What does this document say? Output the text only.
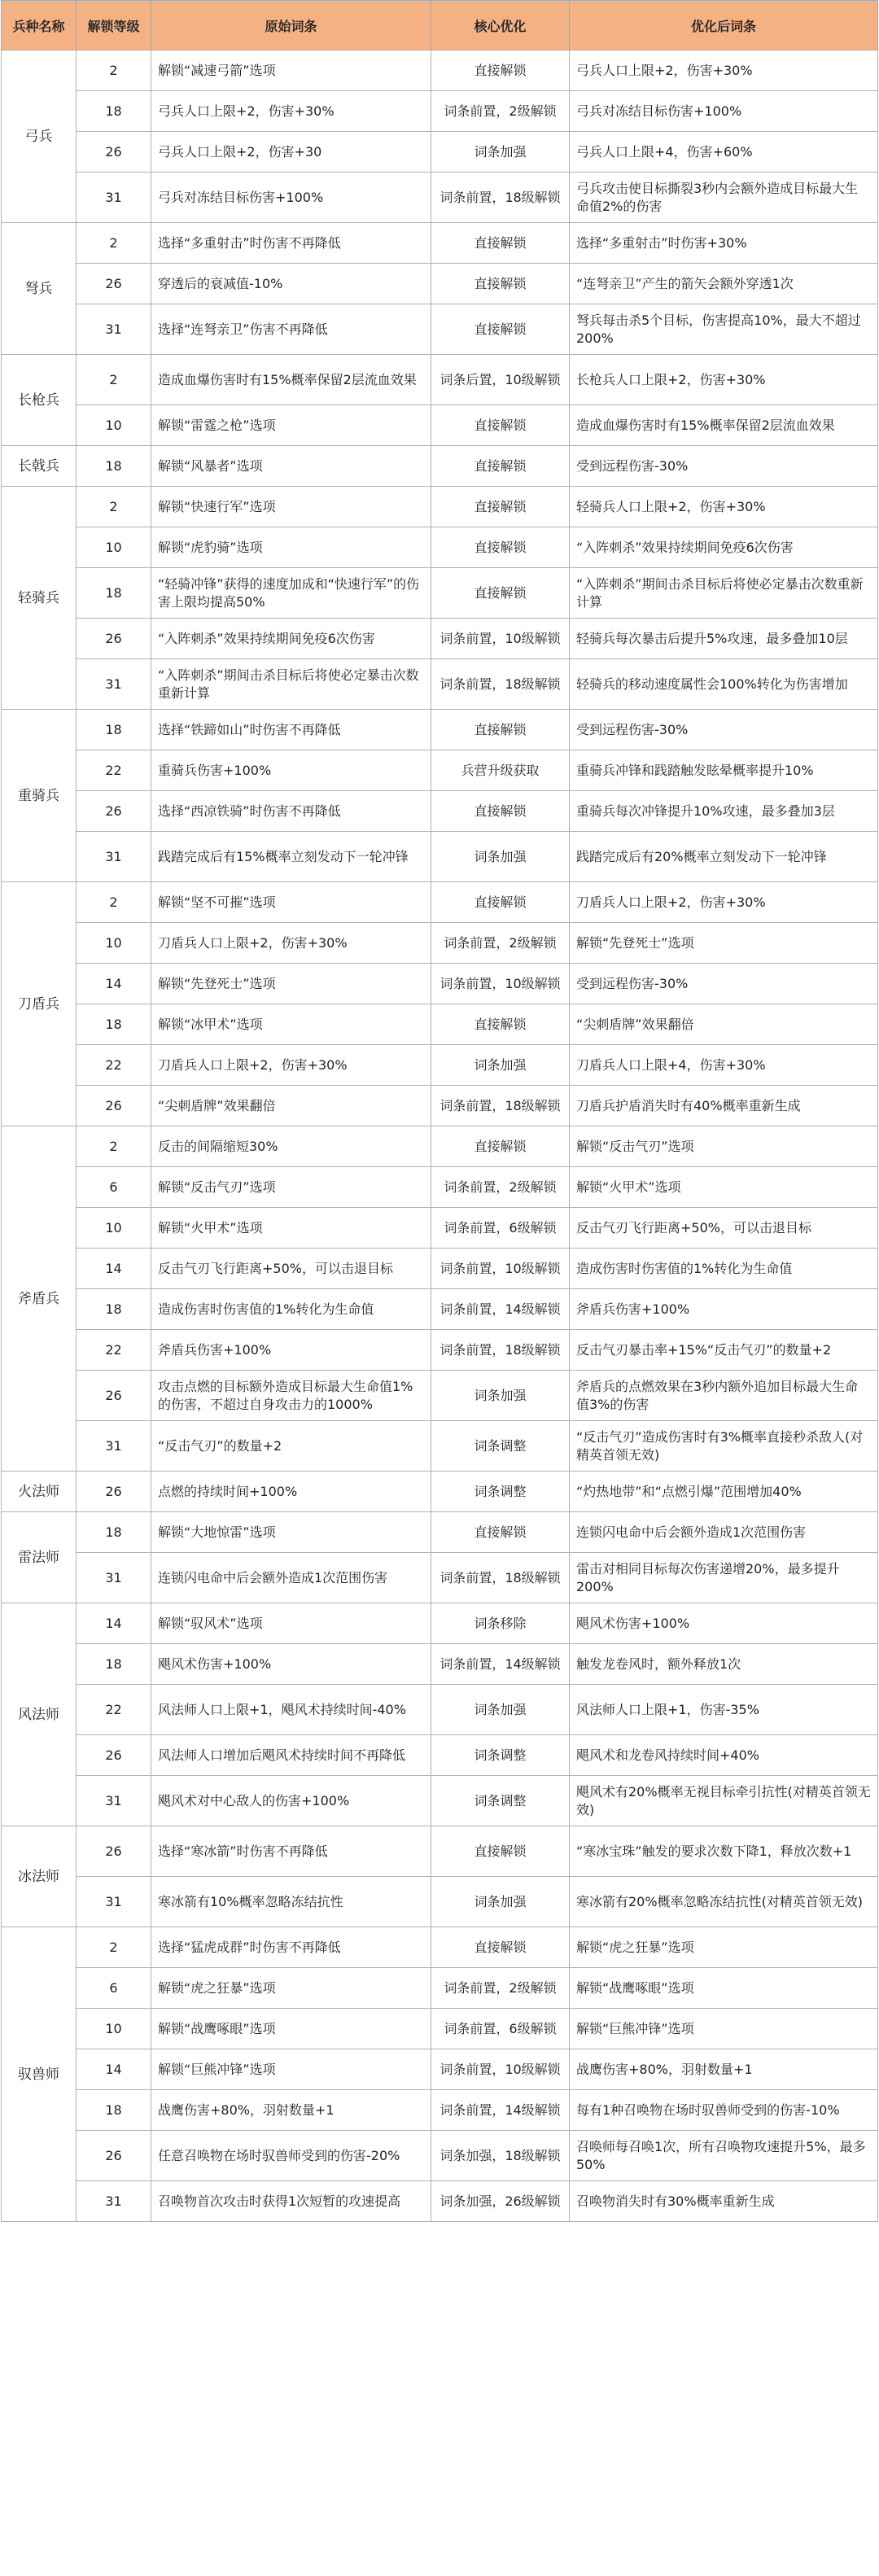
兵种名称	解锁等级	原始词条	核心优化	优化后词条
弓兵	2	解锁“减速弓箭”选项	直接解锁	弓兵人口上限+2，伤害+30%
	18	弓兵人口上限+2，伤害+30%	词条前置，2级解锁	弓兵对冻结目标伤害+100%
	26	弓兵人口上限+2，伤害+30	词条加强	弓兵人口上限+4，伤害+60%
	31	弓兵对冻结目标伤害+100%	词条前置，18级解锁	弓兵攻击使目标撕裂3秒内会额外造成目标最大生命值2%的伤害
弩兵	2	选择“多重射击”时伤害不再降低	直接解锁	选择“多重射击”时伤害+30%
	26	穿透后的衰减值-10%	直接解锁	“连弩亲卫”产生的箭矢会额外穿透1次
	31	选择“连弩亲卫”伤害不再降低	直接解锁	弩兵每击杀5个目标，伤害提高10%，最大不超过200%
长枪兵	2	造成血爆伤害时有15%概率保留2层流血效果	词条后置，10级解锁	长枪兵人口上限+2，伤害+30%
	10	解锁“雷霆之枪”选项	直接解锁	造成血爆伤害时有15%概率保留2层流血效果
长戟兵	18	解锁“风暴者”选项	直接解锁	受到远程伤害-30%
轻骑兵	2	解锁“快速行军”选项	直接解锁	轻骑兵人口上限+2，伤害+30%
	10	解锁“虎豹骑”选项	直接解锁	“入阵刺杀”效果持续期间免疫6次伤害
	18	“轻骑冲锋”获得的速度加成和“快速行军”的伤害上限均提高50%	直接解锁	“入阵刺杀”期间击杀目标后将使必定暴击次数重新计算
	26	“入阵刺杀”效果持续期间免疫6次伤害	词条前置，10级解锁	轻骑兵每次暴击后提升5%攻速，最多叠加10层
	31	“入阵刺杀”期间击杀目标后将使必定暴击次数重新计算	词条前置，18级解锁	轻骑兵的移动速度属性会100%转化为伤害增加
重骑兵	18	选择“铁蹄如山”时伤害不再降低	直接解锁	受到远程伤害-30%
	22	重骑兵伤害+100%	兵营升级获取	重骑兵冲锋和践踏触发眩晕概率提升10%
	26	选择“西凉铁骑”时伤害不再降低	直接解锁	重骑兵每次冲锋提升10%攻速，最多叠加3层
	31	践踏完成后有15%概率立刻发动下一轮冲锋	词条加强	践踏完成后有20%概率立刻发动下一轮冲锋
刀盾兵	2	解锁“坚不可摧”选项	直接解锁	刀盾兵人口上限+2，伤害+30%
	10	刀盾兵人口上限+2，伤害+30%	词条前置，2级解锁	解锁“先登死士”选项
	14	解锁“先登死士”选项	词条前置，10级解锁	受到远程伤害-30%
	18	解锁“冰甲术”选项	直接解锁	“尖刺盾牌”效果翻倍
	22	刀盾兵人口上限+2，伤害+30%	词条加强	刀盾兵人口上限+4，伤害+30%
	26	“尖刺盾牌”效果翻倍	词条前置，18级解锁	刀盾兵护盾消失时有40%概率重新生成
斧盾兵	2	反击的间隔缩短30%	直接解锁	解锁“反击气刃”选项
	6	解锁“反击气刃”选项	词条前置，2级解锁	解锁“火甲术”选项
	10	解锁“火甲术”选项	词条前置，6级解锁	反击气刃飞行距离+50%，可以击退目标
	14	反击气刃飞行距离+50%，可以击退目标	词条前置，10级解锁	造成伤害时伤害值的1%转化为生命值
	18	造成伤害时伤害值的1%转化为生命值	词条前置，14级解锁	斧盾兵伤害+100%
	22	斧盾兵伤害+100%	词条前置，18级解锁	反击气刃暴击率+15%“反击气刃”的数量+2
	26	攻击点燃的目标额外造成目标最大生命值1%的伤害，不超过自身攻击力的1000%	词条加强	斧盾兵的点燃效果在3秒内额外追加目标最大生命值3%的伤害
	31	“反击气刃”的数量+2	词条调整	“反击气刃”造成伤害时有3%概率直接秒杀敌人(对精英首领无效)
火法师	26	点燃的持续时间+100%	词条调整	“灼热地带”和“点燃引爆”范围增加40%
雷法师	18	解锁“大地惊雷”选项	直接解锁	连锁闪电命中后会额外造成1次范围伤害
	31	连锁闪电命中后会额外造成1次范围伤害	词条前置，18级解锁	雷击对相同目标每次伤害递增20%，最多提升200%
风法师	14	解锁“驭风术”选项	词条移除	飓风术伤害+100%
	18	飓风术伤害+100%	词条前置，14级解锁	触发龙卷风时，额外释放1次
	22	风法师人口上限+1，飓风术持续时间-40%	词条加强	风法师人口上限+1，伤害-35%
	26	风法师人口增加后飓风术持续时间不再降低	词条调整	飓风术和龙卷风持续时间+40%
	31	飓风术对中心敌人的伤害+100%	词条调整	飓风术有20%概率无视目标牵引抗性(对精英首领无效)
冰法师	26	选择“寒冰箭”时伤害不再降低	直接解锁	“寒冰宝珠”触发的要求次数下降1，释放次数+1
	31	寒冰箭有10%概率忽略冻结抗性	词条加强	寒冰箭有20%概率忽略冻结抗性(对精英首领无效)
驭兽师	2	选择“猛虎成群”时伤害不再降低	直接解锁	解锁“虎之狂暴”选项
	6	解锁“虎之狂暴”选项	词条前置，2级解锁	解锁“战鹰啄眼”选项
	10	解锁“战鹰啄眼”选项	词条前置，6级解锁	解锁“巨熊冲锋”选项
	14	解锁“巨熊冲锋”选项	词条前置，10级解锁	战鹰伤害+80%，羽射数量+1
	18	战鹰伤害+80%，羽射数量+1	词条前置，14级解锁	每有1种召唤物在场时驭兽师受到的伤害-10%
	26	任意召唤物在场时驭兽师受到的伤害-20%	词条加强，18级解锁	召唤师每召唤1次，所有召唤物攻速提升5%，最多50%
	31	召唤物首次攻击时获得1次短暂的攻速提高	词条加强，26级解锁	召唤物消失时有30%概率重新生成
